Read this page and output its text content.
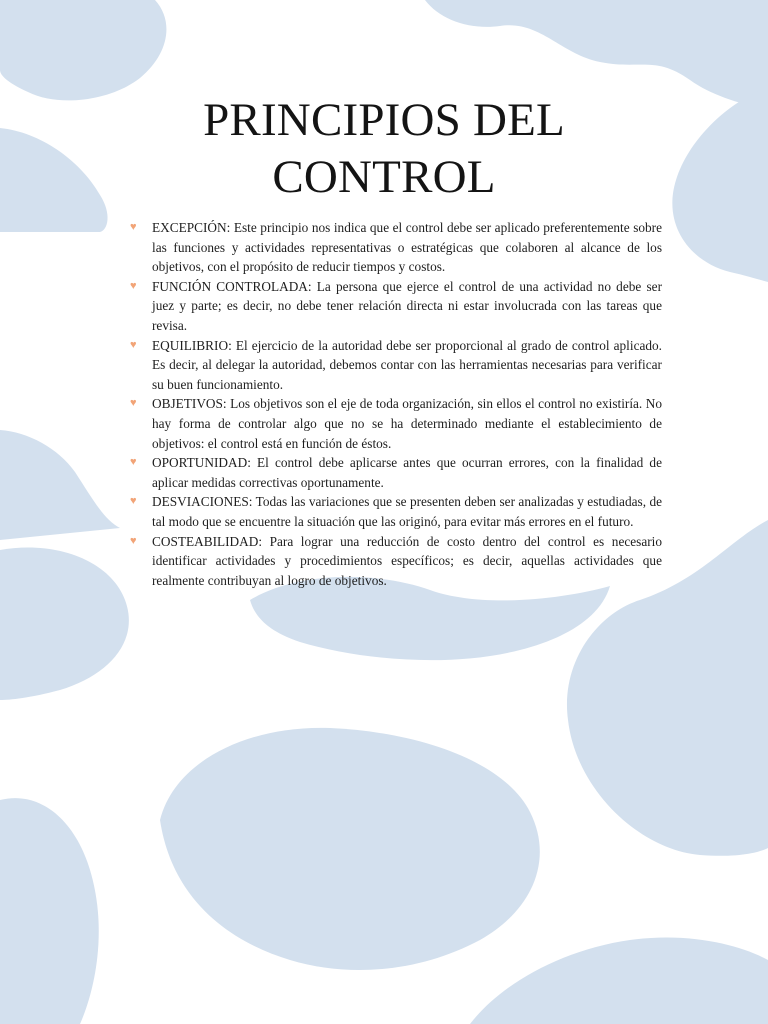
PRINCIPIOS DEL
CONTROL
♥ EXCEPCIÓN: Este principio nos indica que el control debe ser aplicado preferentemente sobre las funciones y actividades representativas o estratégicas que colaboren al alcance de los objetivos, con el propósito de reducir tiempos y costos.
♥ FUNCIÓN CONTROLADA: La persona que ejerce el control de una actividad no debe ser juez y parte; es decir, no debe tener relación directa ni estar involucrada con las tareas que revisa.
♥ EQUILIBRIO: El ejercicio de la autoridad debe ser proporcional al grado de control aplicado. Es decir, al delegar la autoridad, debemos contar con las herramientas necesarias para verificar su buen funcionamiento.
♥ OBJETIVOS: Los objetivos son el eje de toda organización, sin ellos el control no existiría. No hay forma de controlar algo que no se ha determinado mediante el establecimiento de objetivos: el control está en función de éstos.
♥ OPORTUNIDAD: El control debe aplicarse antes que ocurran errores, con la finalidad de aplicar medidas correctivas oportunamente.
♥ DESVIACIONES: Todas las variaciones que se presenten deben ser analizadas y estudiadas, de tal modo que se encuentre la situación que las originó, para evitar más errores en el futuro.
♥ COSTEABILIDAD: Para lograr una reducción de costo dentro del control es necesario identificar actividades y procedimientos específicos; es decir, aquellas actividades que realmente contribuyan al logro de objetivos.
